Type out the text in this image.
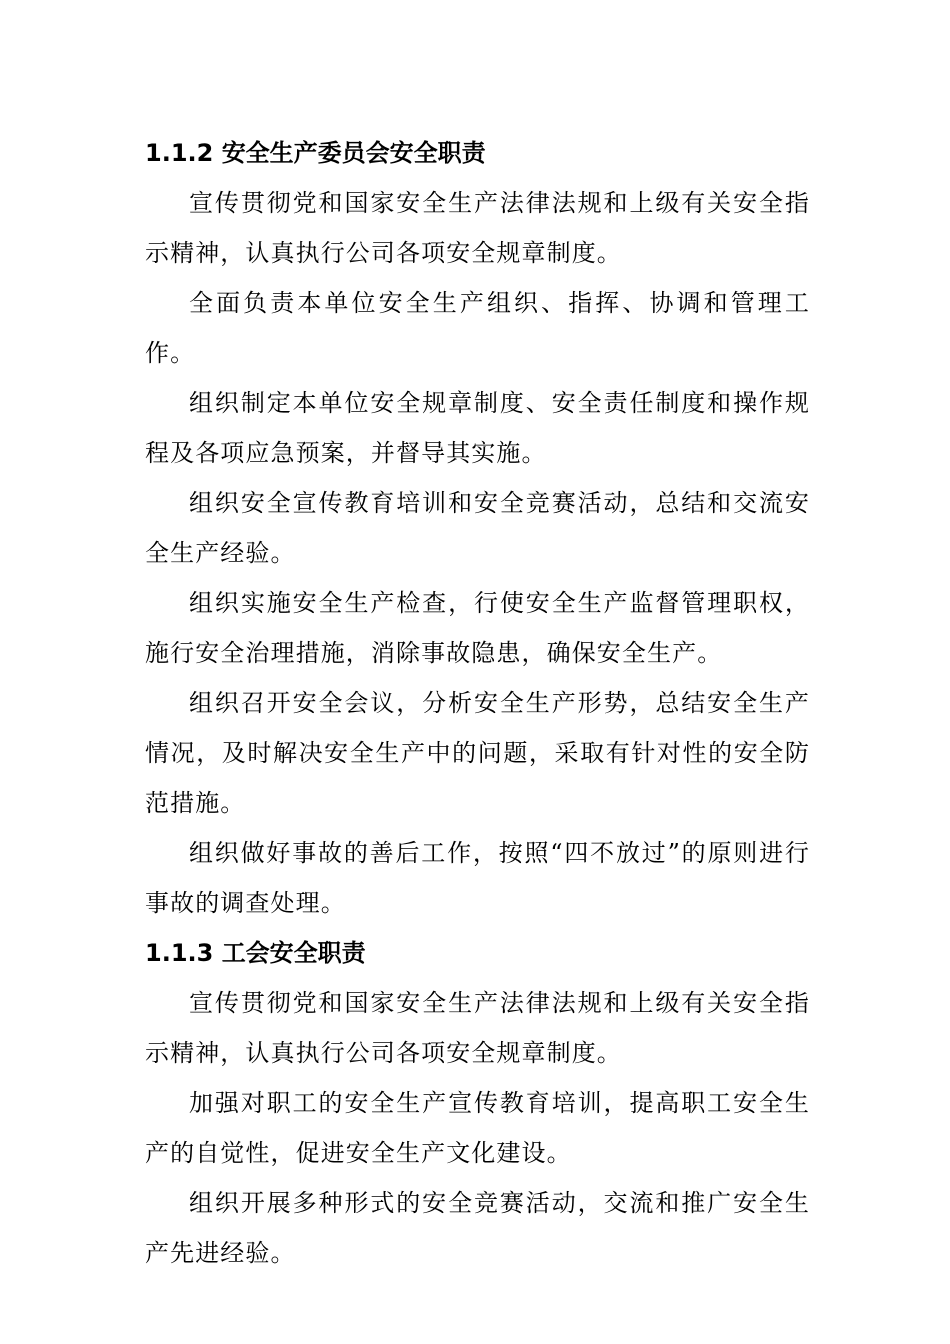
1.1.2 安全生产委员会安全职责

宣传贯彻党和国家安全生产法律法规和上级有关安全指示精神，认真执行公司各项安全规章制度。

全面负责本单位安全生产组织、指挥、协调和管理工作。

组织制定本单位安全规章制度、安全责任制度和操作规程及各项应急预案，并督导其实施。

组织安全宣传教育培训和安全竞赛活动，总结和交流安全生产经验。

组织实施安全生产检查，行使安全生产监督管理职权，施行安全治理措施，消除事故隐患，确保安全生产。

组织召开安全会议，分析安全生产形势，总结安全生产情况，及时解决安全生产中的问题，采取有针对性的安全防范措施。

组织做好事故的善后工作，按照“四不放过”的原则进行事故的调查处理。

1.1.3 工会安全职责

宣传贯彻党和国家安全生产法律法规和上级有关安全指示精神，认真执行公司各项安全规章制度。

加强对职工的安全生产宣传教育培训，提高职工安全生产的自觉性，促进安全生产文化建设。

组织开展多种形式的安全竞赛活动，交流和推广安全生产先进经验。
